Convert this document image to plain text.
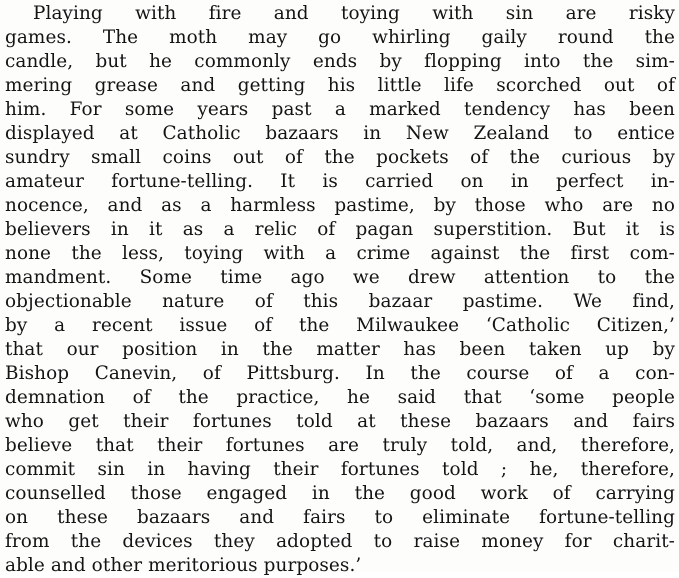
Playing with fire and toying with sin are risky
games. The moth may go whirling gaily round the
candle, but he commonly ends by flopping into the sim-
mering grease and getting his little life scorched out of
him. For some years past a marked tendency has been
displayed at Catholic bazaars in New Zealand to entice
sundry small coins out of the pockets of the curious by
amateur fortune-telling. It is carried on in perfect in-
nocence, and as a harmless pastime, by those who are no
believers in it as a relic of pagan superstition. But it is
none the less, toying with a crime against the first com-
mandment. Some time ago we drew attention to the
objectionable nature of this bazaar pastime. We find,
by a recent issue of the Milwaukee ‘Catholic Citizen,’
that our position in the matter has been taken up by
Bishop Canevin, of Pittsburg. In the course of a con-
demnation of the practice, he said that ‘some people
who get their fortunes told at these bazaars and fairs
believe that their fortunes are truly told, and, therefore,
commit sin in having their fortunes told ; he, therefore,
counselled those engaged in the good work of carrying
on these bazaars and fairs to eliminate fortune-telling
from the devices they adopted to raise money for charit-
able and other meritorious purposes.’
